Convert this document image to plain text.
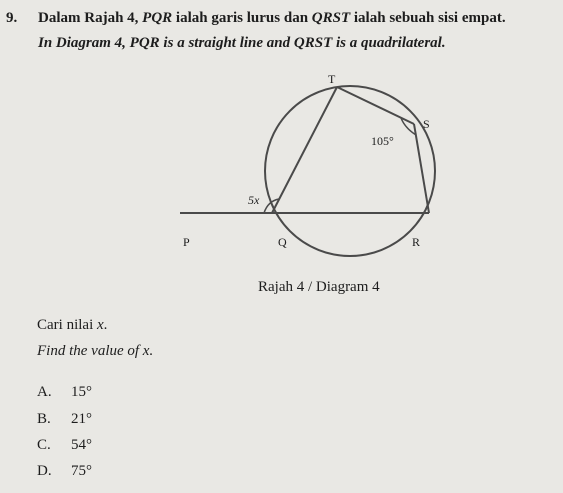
9. Dalam Rajah 4, PQR ialah garis lurus dan QRST ialah sebuah sisi empat.
In Diagram 4, PQR is a straight line and QRST is a quadrilateral.
T
S
P	Q	R
105°
5x
Rajah 4 / Diagram 4
Cari nilai x.
Find the value of x.
A. 15°
B. 21°
C. 54°
D. 75°
